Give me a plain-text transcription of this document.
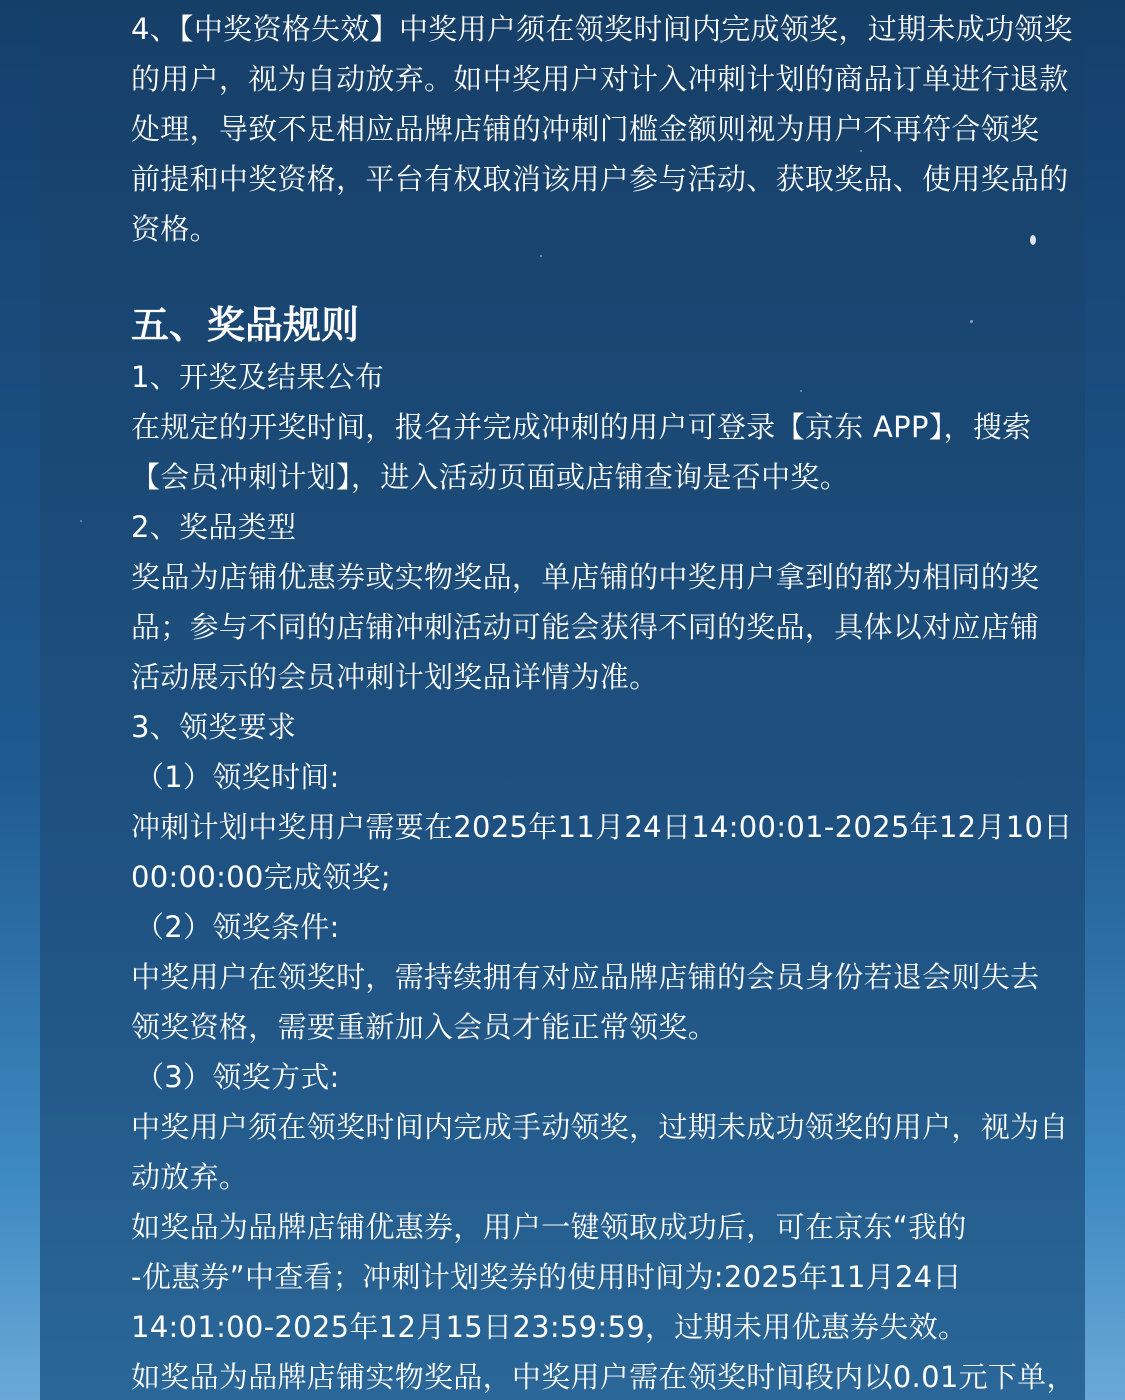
4、【中奖资格失效】中奖用户须在领奖时间内完成领奖，过期未成功领奖

的用户，视为自动放弃。如中奖用户对计入冲刺计划的商品订单进行退款

处理，导致不足相应品牌店铺的冲刺门槛金额则视为用户不再符合领奖

前提和中奖资格，平台有权取消该用户参与活动、获取奖品、使用奖品的

资格。

五、奖品规则

1、开奖及结果公布

在规定的开奖时间，报名并完成冲刺的用户可登录【京东 APP】，搜索

【会员冲刺计划】，进入活动页面或店铺查询是否中奖。

2、奖品类型

奖品为店铺优惠券或实物奖品，单店铺的中奖用户拿到的都为相同的奖

品；参与不同的店铺冲刺活动可能会获得不同的奖品，具体以对应店铺

活动展示的会员冲刺计划奖品详情为准。

3、领奖要求

（1）领奖时间:

冲刺计划中奖用户需要在2025年11月24日14:00:01-2025年12月10日

00:00:00完成领奖;

（2）领奖条件:

中奖用户在领奖时，需持续拥有对应品牌店铺的会员身份若退会则失去

领奖资格，需要重新加入会员才能正常领奖。

（3）领奖方式:

中奖用户须在领奖时间内完成手动领奖，过期未成功领奖的用户，视为自

动放弃。

如奖品为品牌店铺优惠券，用户一键领取成功后，可在京东“我的

-优惠券”中查看；冲刺计划奖券的使用时间为:2025年11月24日

14:01:00-2025年12月15日23:59:59，过期未用优惠券失效。

如奖品为品牌店铺实物奖品，中奖用户需在领奖时间段内以0.01元下单，
